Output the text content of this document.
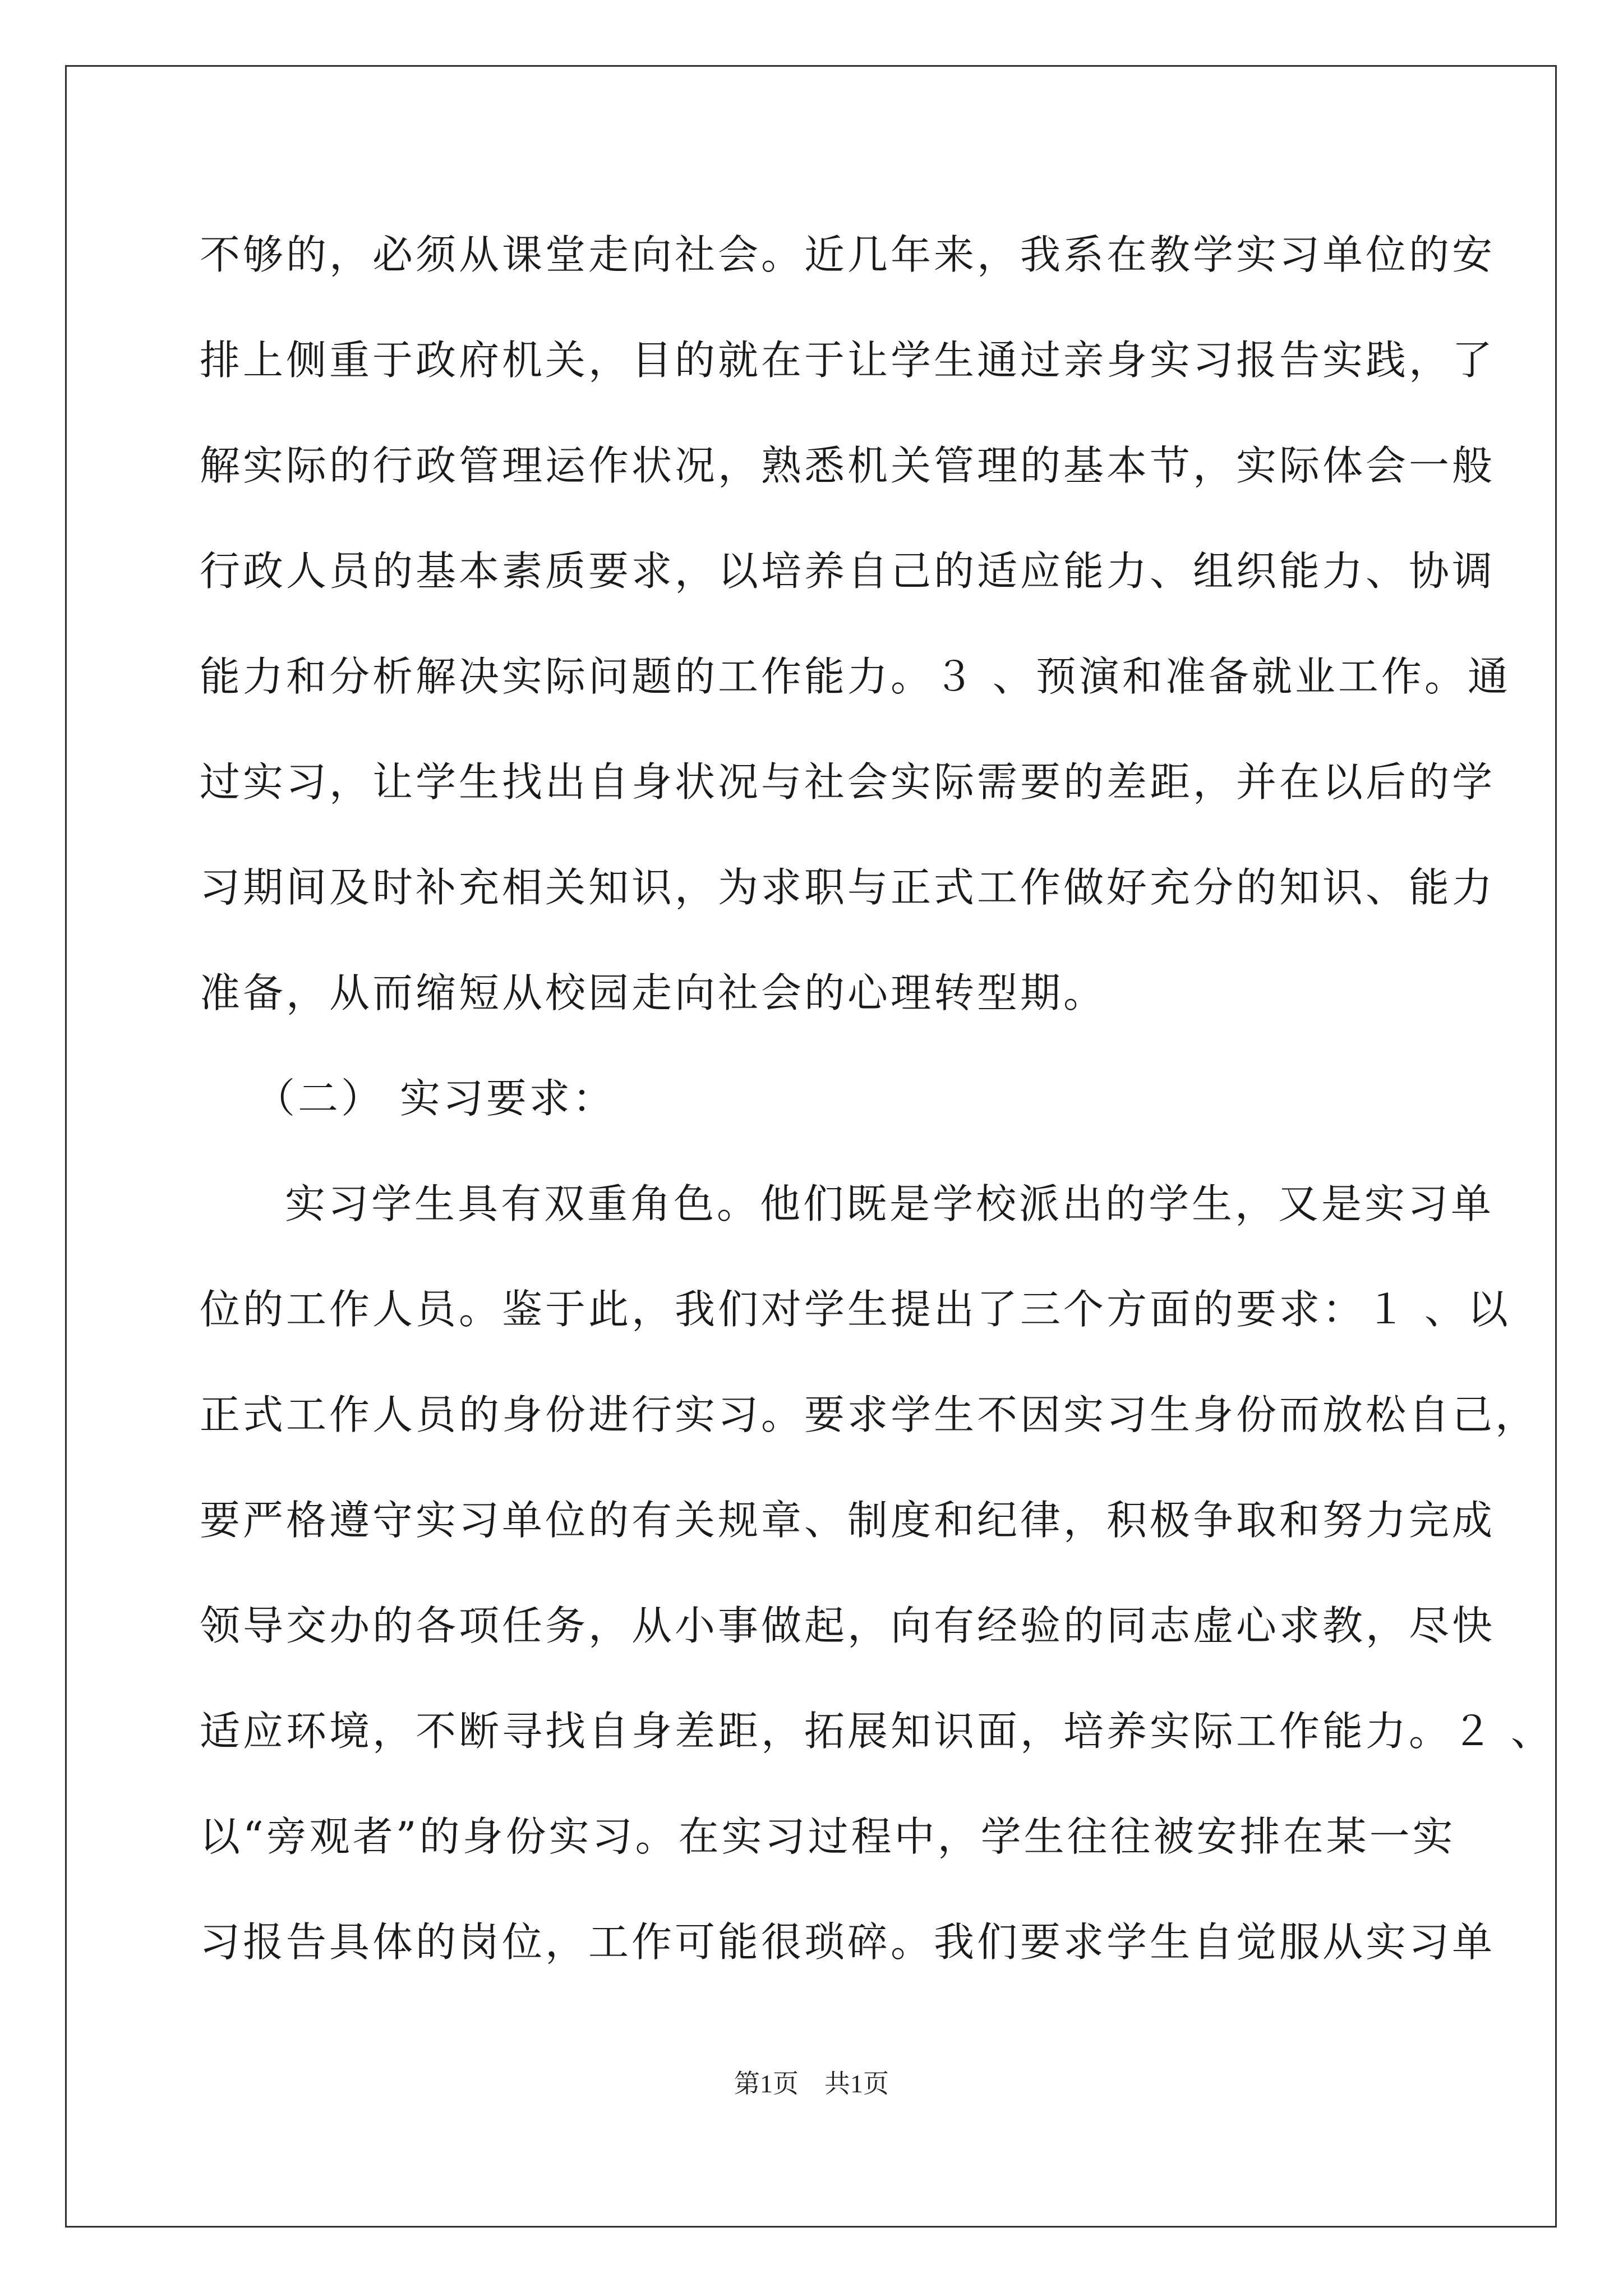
不够的，必须从课堂走向社会。近几年来，我系在教学实习单位的安
排上侧重于政府机关，目的就在于让学生通过亲身实习报告实践，了
解实际的行政管理运作状况，熟悉机关管理的基本节，实际体会一般
行政人员的基本素质要求，以培养自己的适应能力、组织能力、协调
能力和分析解决实际问题的工作能力。３ 、预演和准备就业工作。通
过实习，让学生找出自身状况与社会实际需要的差距，并在以后的学
习期间及时补充相关知识，为求职与正式工作做好充分的知识、能力
准备，从而缩短从校园走向社会的心理转型期。
（二） 实习要求：
实习学生具有双重角色。他们既是学校派出的学生，又是实习单
位的工作人员。鉴于此，我们对学生提出了三个方面的要求：１ 、以
正式工作人员的身份进行实习。要求学生不因实习生身份而放松自己，
要严格遵守实习单位的有关规章、制度和纪律，积极争取和努力完成
领导交办的各项任务，从小事做起，向有经验的同志虚心求教，尽快
适应环境，不断寻找自身差距，拓展知识面，培养实际工作能力。２ 、
以“旁观者”的身份实习。在实习过程中，学生往往被安排在某一实
习报告具体的岗位，工作可能很琐碎。我们要求学生自觉服从实习单
第1页　共1页
